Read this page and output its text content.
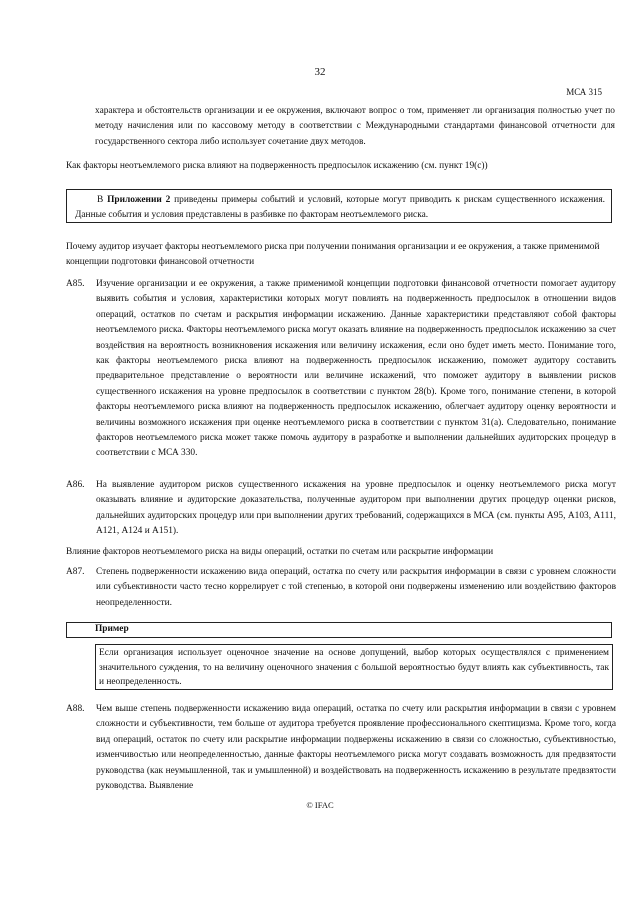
32
МСА 315

характера и обстоятельств организации и ее окружения, включают вопрос о том, применяет ли организация полностью учет по методу начисления или по кассовому методу в соответствии с Международными стандартами финансовой отчетности для государственного сектора либо использует сочетание двух методов.

Как факторы неотъемлемого риска влияют на подверженность предпосылок искажению (см. пункт 19(с))

В Приложении 2 приведены примеры событий и условий, которые могут приводить к рискам существенного искажения. Данные события и условия представлены в разбивке по факторам неотъемлемого риска.

Почему аудитор изучает факторы неотъемлемого риска при получении понимания организации и ее окружения, а также применимой концепции подготовки финансовой отчетности
A85. Изучение организации и ее окружения, а также применимой концепции подготовки финансовой отчетности помогает аудитору выявить события и условия, характеристики которых могут повлиять на подверженность предпосылок в отношении видов операций, остатков по счетам и раскрытия информации искажению. Данные характеристики представляют собой факторы неотъемлемого риска. Факторы неотъемлемого риска могут оказать влияние на подверженность предпосылок искажению за счет воздействия на вероятность возникновения искажения или величину искажения, если оно будет иметь место. Понимание того, как факторы неотъемлемого риска влияют на подверженность предпосылок искажению, поможет аудитору составить предварительное представление о вероятности или величине искажений, что поможет аудитору в выявлении рисков существенного искажения на уровне предпосылок в соответствии с пунктом 28(b). Кроме того, понимание степени, в которой факторы неотъемлемого риска влияют на подверженность предпосылок искажению, облегчает аудитору оценку вероятности и величины возможного искажения при оценке неотъемлемого риска в соответствии с пунктом 31(а). Следовательно, понимание факторов неотъемлемого риска может также помочь аудитору в разработке и выполнении дальнейших аудиторских процедур в соответствии с МСА 330.

A86. На выявление аудитором рисков существенного искажения на уровне предпосылок и оценку неотъемлемого риска могут оказывать влияние и аудиторские доказательства, полученные аудитором при выполнении других процедур оценки рисков, дальнейших аудиторских процедур или при выполнении других требований, содержащихся в МСА (см. пункты А95, А103, А111, А121, А124 и А151).

Влияние факторов неотъемлемого риска на виды операций, остатки по счетам или раскрытие информации
A87. Степень подверженности искажению вида операций, остатка по счету или раскрытия информации в связи с уровнем сложности или субъективности часто тесно коррелирует с той степенью, в которой они подвержены изменению или воздействию факторов неопределенности.

Пример

Если организация использует оценочное значение на основе допущений, выбор которых осуществлялся с применением значительного суждения, то на величину оценочного значения с большой вероятностью будут влиять как субъективность, так и неопределенность.

A88. Чем выше степень подверженности искажению вида операций, остатка по счету или раскрытия информации в связи с уровнем сложности и субъективности, тем больше от аудитора требуется проявление профессионального скептицизма. Кроме того, когда вид операций, остаток по счету или раскрытие информации подвержены искажению в связи со сложностью, субъективностью, изменчивостью или неопределенностью, данные факторы неотъемлемого риска могут создавать возможность для предвзятости руководства (как неумышленной, так и умышленной) и воздействовать на подверженность искажению в результате предвзятости руководства. Выявление

© IFAC
